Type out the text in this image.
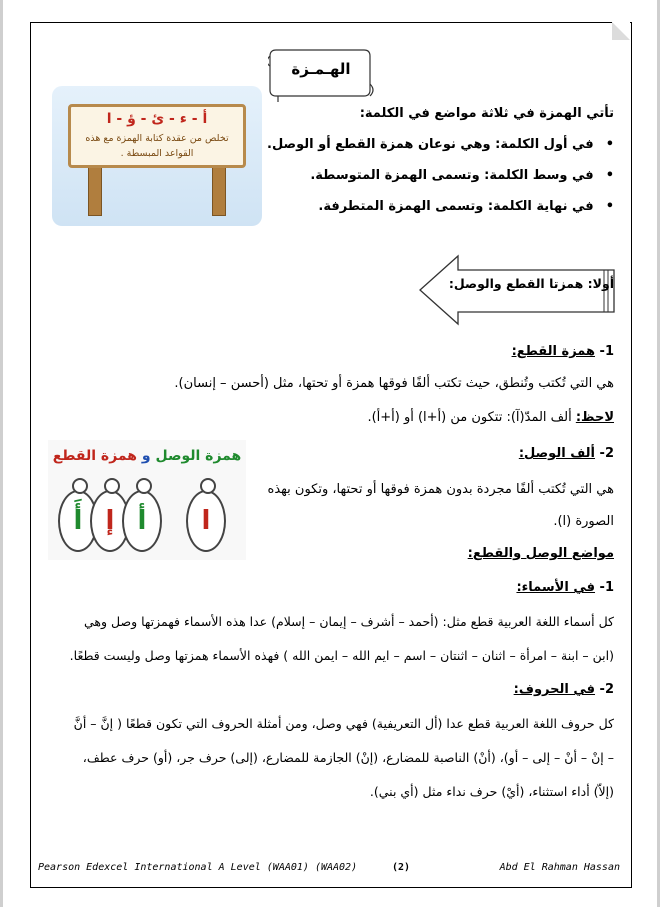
الهـمـزة
أ - ء - ئ - ؤ - ا
تخلص من عقدة كتابة الهمزة مع هذه
القواعد المبسطة .
تأتي الهمزة في ثلاثة مواضع في الكلمة:
• في أول الكلمة: وهي نوعان همزة القطع أو الوصل.
• في وسط الكلمة: وتسمى الهمزة المتوسطة.
• في نهاية الكلمة: وتسمى الهمزة المتطرفة.
أولا: همزتا القطع والوصل:
1- همزة القطع:
هي التي تُكتب وتُنطق، حيث تكتب ألفًا فوقها همزة أو تحتها، مثل (أحسن – إنسان).
لاحظ: ألف المدّ(آ): تتكون من (أ+ا) أو (أ+أ).
همزة الوصل و همزة القطع
أَ إ أ	ا
2- ألف الوصل:
هي التي تُكتب ألفًا مجردة بدون همزة فوقها أو تحتها، وتكون بهذه
الصورة (ا).
مواضع الوصل والقطع:
1- في الأسماء:
كل أسماء اللغة العربية قطع مثل: (أحمد – أشرف – إيمان – إسلام) عدا هذه الأسماء فهمزتها وصل وهي
(ابن – ابنة – امرأة – اثنان – اثنتان – اسم – ايم الله – ايمن الله ) فهذه الأسماء همزتها وصل وليست قطعًا.
2- في الحروف:
كل حروف اللغة العربية قطع عدا (أل التعريفية) فهي وصل، ومن أمثلة الحروف التي تكون قطعًا ( إنَّ – أنَّ
– إنْ – أنْ – إلى – أو)، (أنْ) الناصبة للمضارع، (إنْ) الجازمة للمضارع، (إلى) حرف جر، (أو) حرف عطف،
(إلاّ) أداء استثناء، (أيْ) حرف نداء مثل (أي بني).
Pearson Edexcel International A Level (WAA01) (WAA02)	(2)	Abd El Rahman Hassan
